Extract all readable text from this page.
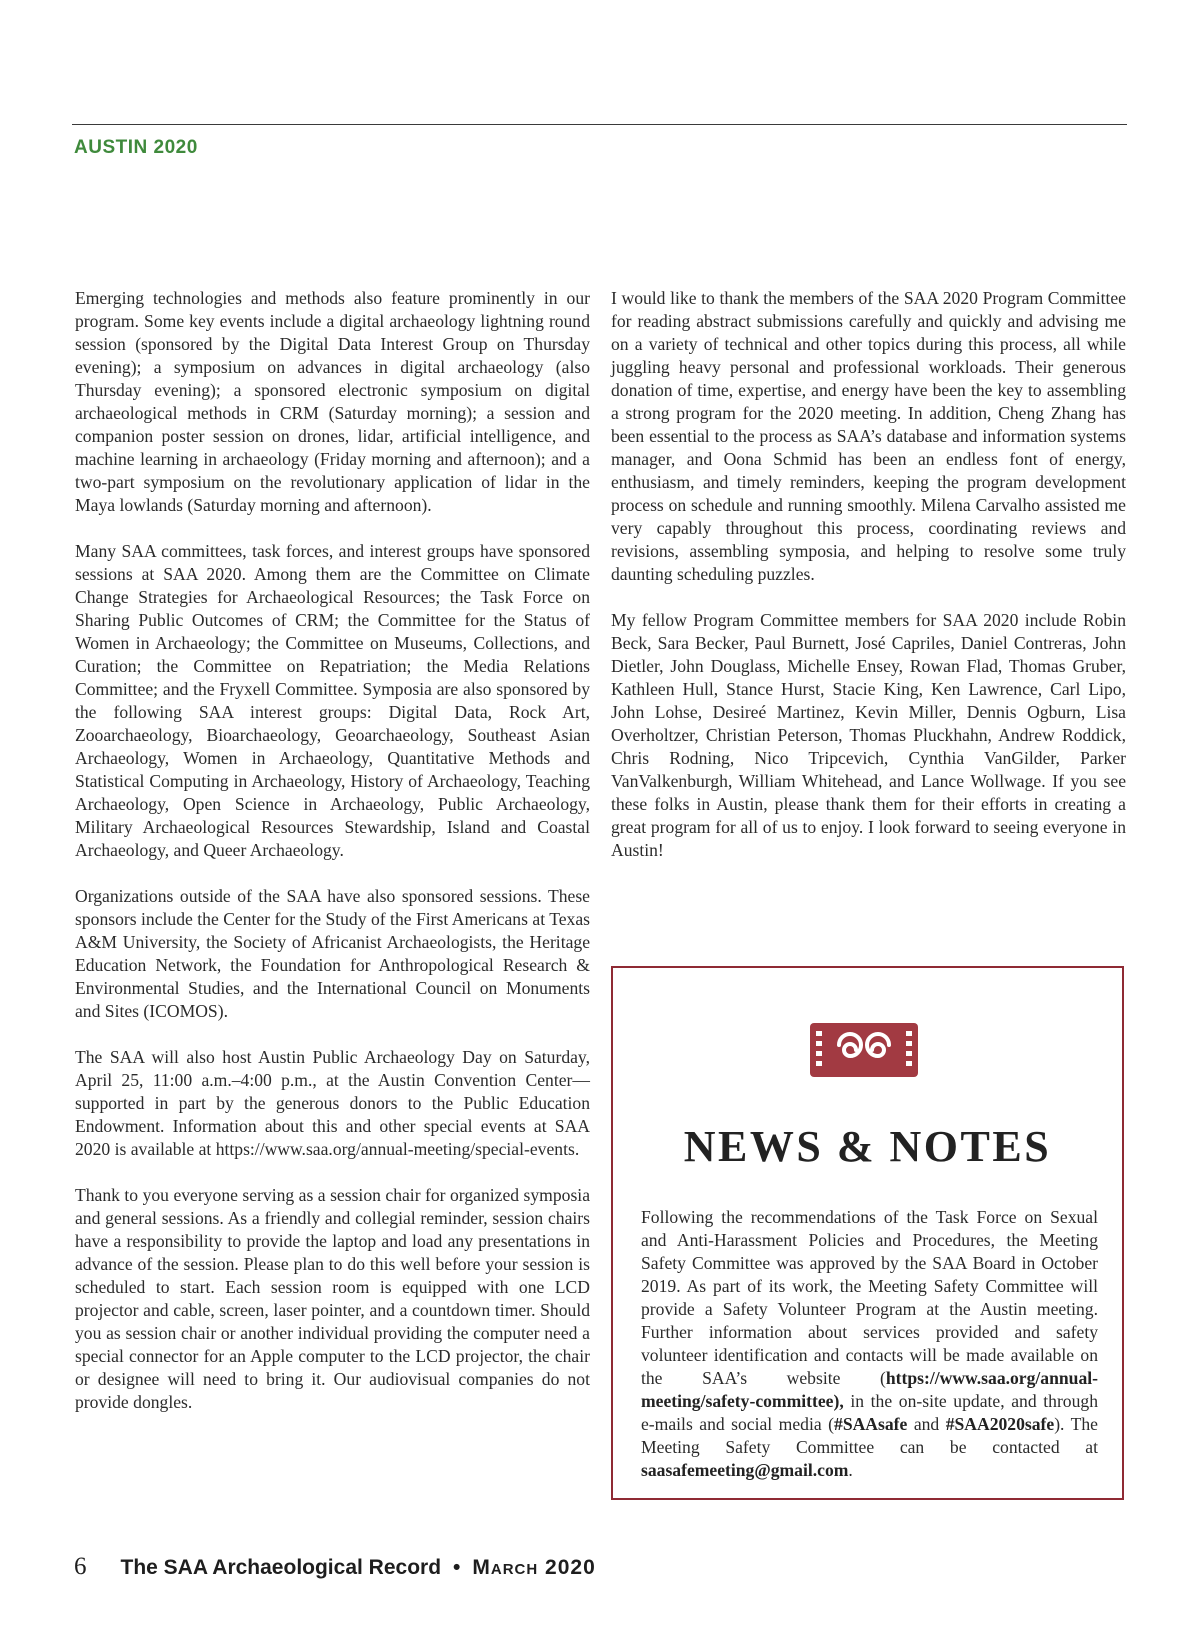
AUSTIN 2020

Emerging technologies and methods also feature prominently in our program. Some key events include a digital archaeology lightning round session (sponsored by the Digital Data Interest Group on Thursday evening); a symposium on advances in digital archaeology (also Thursday evening); a sponsored electronic symposium on digital archaeological methods in CRM (Saturday morning); a session and companion poster session on drones, lidar, artificial intelligence, and machine learning in archaeology (Friday morning and afternoon); and a two-part symposium on the revolutionary application of lidar in the Maya lowlands (Saturday morning and afternoon).

Many SAA committees, task forces, and interest groups have sponsored sessions at SAA 2020. Among them are the Committee on Climate Change Strategies for Archaeological Resources; the Task Force on Sharing Public Outcomes of CRM; the Committee for the Status of Women in Archaeology; the Committee on Museums, Collections, and Curation; the Committee on Repatriation; the Media Relations Committee; and the Fryxell Committee. Symposia are also sponsored by the following SAA interest groups: Digital Data, Rock Art, Zooarchaeology, Bioarchaeology, Geoarchaeology, Southeast Asian Archaeology, Women in Archaeology, Quantitative Methods and Statistical Computing in Archaeology, History of Archaeology, Teaching Archaeology, Open Science in Archaeology, Public Archaeology, Military Archaeological Resources Stewardship, Island and Coastal Archaeology, and Queer Archaeology.

Organizations outside of the SAA have also sponsored sessions. These sponsors include the Center for the Study of the First Americans at Texas A&M University, the Society of Africanist Archaeologists, the Heritage Education Network, the Foundation for Anthropological Research & Environmental Studies, and the International Council on Monuments and Sites (ICOMOS).

The SAA will also host Austin Public Archaeology Day on Saturday, April 25, 11:00 a.m.–4:00 p.m., at the Austin Convention Center—supported in part by the generous donors to the Public Education Endowment. Information about this and other special events at SAA 2020 is available at https://www.saa.org/annual-meeting/special-events.

Thank to you everyone serving as a session chair for organized symposia and general sessions. As a friendly and collegial reminder, session chairs have a responsibility to provide the laptop and load any presentations in advance of the session. Please plan to do this well before your session is scheduled to start. Each session room is equipped with one LCD projector and cable, screen, laser pointer, and a countdown timer. Should you as session chair or another individual providing the computer need a special connector for an Apple computer to the LCD projector, the chair or designee will need to bring it. Our audiovisual companies do not provide dongles.

I would like to thank the members of the SAA 2020 Program Committee for reading abstract submissions carefully and quickly and advising me on a variety of technical and other topics during this process, all while juggling heavy personal and professional workloads. Their generous donation of time, expertise, and energy have been the key to assembling a strong program for the 2020 meeting. In addition, Cheng Zhang has been essential to the process as SAA’s database and information systems manager, and Oona Schmid has been an endless font of energy, enthusiasm, and timely reminders, keeping the program development process on schedule and running smoothly. Milena Carvalho assisted me very capably throughout this process, coordinating reviews and revisions, assembling symposia, and helping to resolve some truly daunting scheduling puzzles.

My fellow Program Committee members for SAA 2020 include Robin Beck, Sara Becker, Paul Burnett, José Capriles, Daniel Contreras, John Dietler, John Douglass, Michelle Ensey, Rowan Flad, Thomas Gruber, Kathleen Hull, Stance Hurst, Stacie King, Ken Lawrence, Carl Lipo, John Lohse, Desireé Martinez, Kevin Miller, Dennis Ogburn, Lisa Overholtzer, Christian Peterson, Thomas Pluckhahn, Andrew Roddick, Chris Rodning, Nico Tripcevich, Cynthia VanGilder, Parker VanValkenburgh, William Whitehead, and Lance Wollwage. If you see these folks in Austin, please thank them for their efforts in creating a great program for all of us to enjoy. I look forward to seeing everyone in Austin!

NEWS & NOTES

Following the recommendations of the Task Force on Sexual and Anti-Harassment Policies and Procedures, the Meeting Safety Committee was approved by the SAA Board in October 2019. As part of its work, the Meeting Safety Committee will provide a Safety Volunteer Program at the Austin meeting. Further information about services provided and safety volunteer identification and contacts will be made available on the SAA’s website (https://www.saa.org/annual-meeting/safety-committee), in the on-site update, and through e-mails and social media (#SAAsafe and #SAA2020safe). The Meeting Safety Committee can be contacted at saasafemeeting@gmail.com.

6 The SAA Archaeological Record • March 2020
